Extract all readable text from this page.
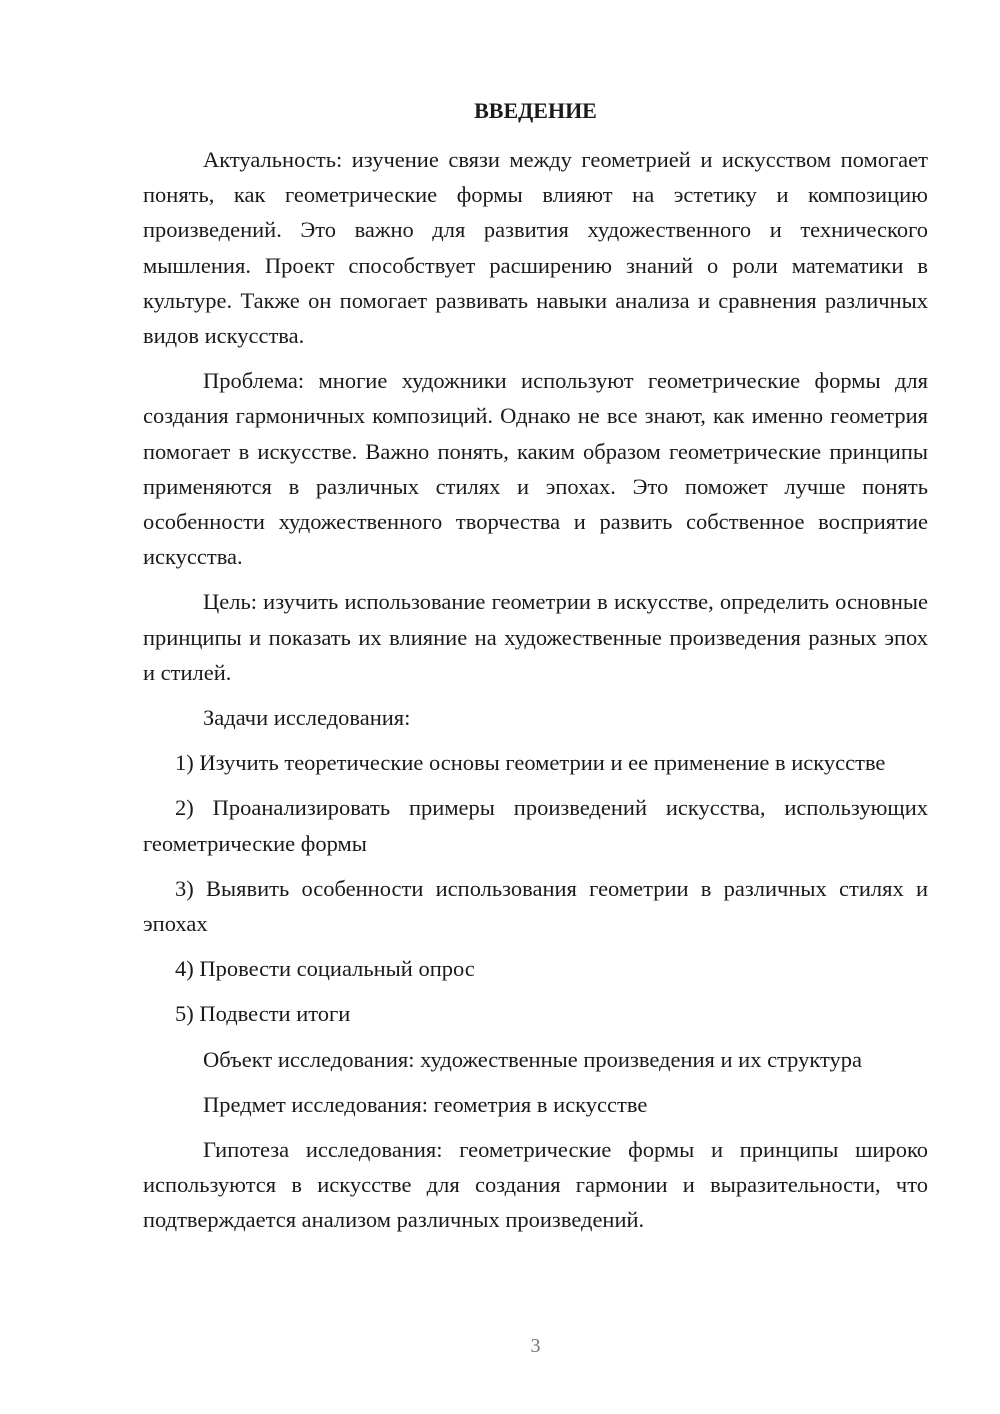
ВВЕДЕНИЕ

Актуальность: изучение связи между геометрией и искусством помогает понять, как геометрические формы влияют на эстетику и композицию произведений. Это важно для развития художественного и технического мышления. Проект способствует расширению знаний о роли математики в культуре. Также он помогает развивать навыки анализа и сравнения различных видов искусства.

Проблема: многие художники используют геометрические формы для создания гармоничных композиций. Однако не все знают, как именно геометрия помогает в искусстве. Важно понять, каким образом геометрические принципы применяются в различных стилях и эпохах. Это поможет лучше понять особенности художественного творчества и развить собственное восприятие искусства.

Цель: изучить использование геометрии в искусстве, определить основные принципы и показать их влияние на художественные произведения разных эпох и стилей.

Задачи исследования:

1) Изучить теоретические основы геометрии и ее применение в искусстве

2) Проанализировать примеры произведений искусства, использующих геометрические формы

3) Выявить особенности использования геометрии в различных стилях и эпохах

4) Провести социальный опрос

5) Подвести итоги

Объект исследования: художественные произведения и их структура

Предмет исследования: геометрия в искусстве

Гипотеза исследования: геометрические формы и принципы широко используются в искусстве для создания гармонии и выразительности, что подтверждается анализом различных произведений.

3
